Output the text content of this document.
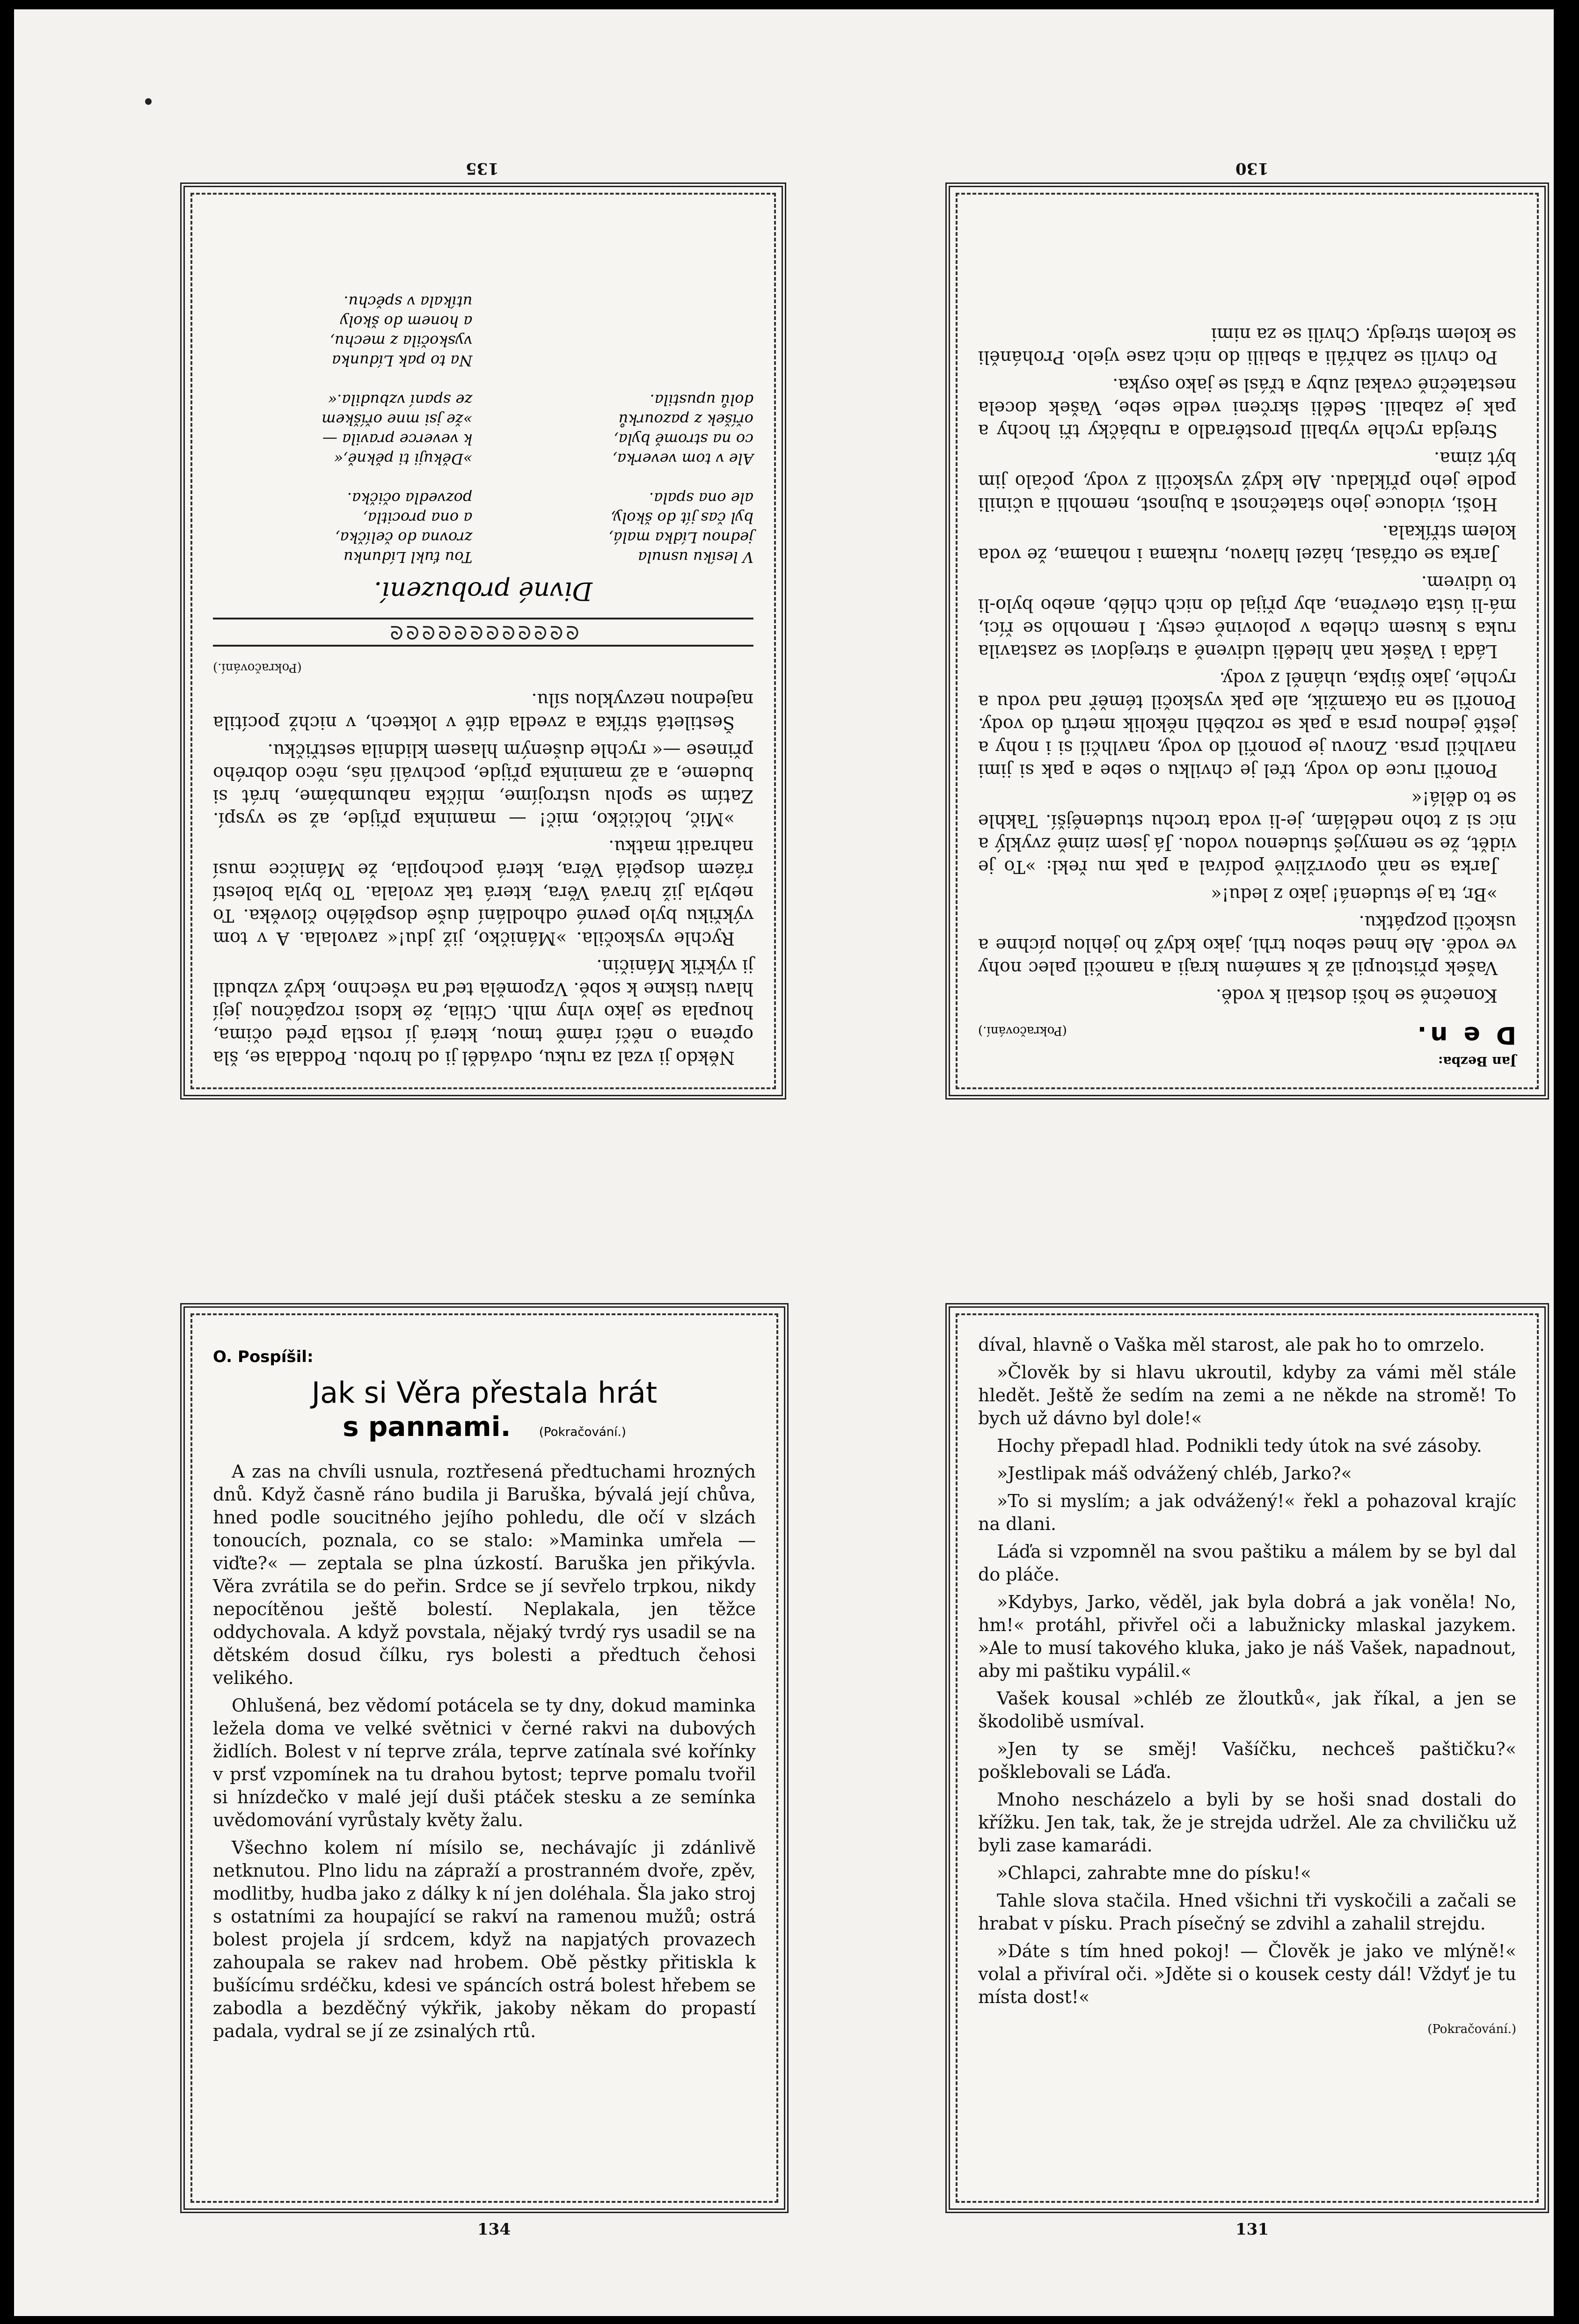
135	130
134	131

Někdo ji vzal za ruku, odváděl ji od hrobu. Poddala se, šla opřena o něčí rámě tmou, která jí rostla před očima, houpala se jako vlny mlh. Cítila, že kdosi rozpáčnou její hlavu tiskne k sobě. Vzpoměla teď na všechno, když vzbudil ji výkřik Máničin.

Rychle vyskočila. »Máničko, již jdu!« zavolala. A v tom výkřiku bylo pevné odhodlání duše dospělého člověka. To nebyla již hravá Věra, která tak zvolala. To byla bolestí rázem dospělá Věra, která pochopila, že Máničce musí nahradit matku.

»Mič, holčičko, mič! — maminka přijde, až se vyspí. Zatím se spolu ustrojíme, mlíčka nabumbáme, hrát si budeme, a až maminka přijde, pochválí nás, něco dobrého přinese —« rychle dušeným hlasem klidnila sestřičku.

Šestiletá stříka a zvedla dítě v loktech, v nichž pocítila najednou nezvyklou sílu.

(Pokračování.)
ᘓᘓᘓᘓᘓᘓᘓᘓᘓᘓᘓᘓ
Divné probuzení.
V lesíku usnula
jednou Lídka malá,
byl čas jít do školy,
ale ona spala.

Ale v tom veverka,
co na stromě byla,
oříšek z pazourků
dolů upustila.
Tou ťukl Lídunku
zrovna do čelíčka,
a ona procitla,
pozvedla očička.

»Děkuji ti pěkně,«
k veverce pravila —
»že jsi mne oříškem
ze spaní vzbudila.«

Na to pak Lídunka
vyskočila z mechu,
a honem do školy
utíkala v spěchu.
Jan Bezba:
D e n.
(Pokračování.)

Konečně se hoši dostali k vodě.

Vašek přistoupil až k samému kraji a namočil palec nohy ve vodě. Ale hned sebou trhl, jako když ho jehlou píchne a uskočil pozpátku.

»Br, ta je studená! jako z ledu!«

Jarka se naň opovržlivě podíval a pak mu řekl: »To je vidět, že se nemyješ studenou vodou. Já jsem zimě zvyklý a nic si z toho nedělám, je-li voda trochu studenější. Takhle se to dělá!«

Ponořil ruce do vody, třel je chvilku o sebe a pak si jimi navlhčil prsa. Znovu je ponořil do vody, navlhčil si i nohy a ještě jednou prsa a pak se rozběhl několik metrů do vody. Ponořil se na okamžik, ale pak vyskočil téměř nad vodu a rychle, jako šipka, uháněl z vody.

Láďa i Vašek naň hleděli udiveně a strejdovi se zastavila ruka s kusem chleba v polovině cesty. I nemohlo se říci, má-li ústa otevřena, aby přijal do nich chléb, anebo bylo-li to údivem.

Jarka se otřásal, házel hlavou, rukama i nohama, že voda kolem stříkala.

Hoši, vidouce jeho statečnost a bujnost, nemohli a učinili podle jeho příkladu. Ale když vyskočili z vody, počalo jim být zima.

Strejda rychle vybalil prostěradlo a rubáčky tři hochy a pak je zabalil. Seděli skrčeni vedle sebe, Vašek docela nestatečně cvakal zuby a třásl se jako osyka.

Po chvíli se zahřáli a sbalili do nich zase vjelo. Proháněli se kolem strejdy. Chvíli se za nimi

O. Pospíšil:
Jak si Věra přestala hrát
s pannami. (Pokračování.)

A zas na chvíli usnula, roztřesená předtuchami hrozných dnů. Když časně ráno budila ji Baruška, bývalá její chůva, hned podle soucitného jejího pohledu, dle očí v slzách tonoucích, poznala, co se stalo: »Maminka umřela — viďte?« — zeptala se plna úzkostí. Baruška jen přikývla. Věra zvrátila se do peřin. Srdce se jí sevřelo trpkou, nikdy nepocítěnou ještě bolestí. Neplakala, jen těžce oddychovala. A když povstala, nějaký tvrdý rys usadil se na dětském dosud čílku, rys bolesti a předtuch čehosi velikého.

Ohlušená, bez vědomí potácela se ty dny, dokud maminka ležela doma ve velké světnici v černé rakvi na dubových židlích. Bolest v ní teprve zrála, teprve zatínala své kořínky v prsť vzpomínek na tu drahou bytost; teprve pomalu tvořil si hnízdečko v malé její duši ptáček stesku a ze semínka uvědomování vyrůstaly květy žalu.

Všechno kolem ní mísilo se, nechávajíc ji zdánlivě netknutou. Plno lidu na zápraží a prostranném dvoře, zpěv, modlitby, hudba jako z dálky k ní jen doléhala. Šla jako stroj s ostatními za houpající se rakví na ramenou mužů; ostrá bolest projela jí srdcem, když na napjatých provazech zahoupala se rakev nad hrobem. Obě pěstky přitiskla k bušícímu srdéčku, kdesi ve spáncích ostrá bolest hřebem se zabodla a bezděčný výkřik, jakoby někam do propastí padala, vydral se jí ze zsinalých rtů.

díval, hlavně o Vaška měl starost, ale pak ho to omrzelo.

»Člověk by si hlavu ukroutil, kdyby za vámi měl stále hledět. Ještě že sedím na zemi a ne někde na stromě! To bych už dávno byl dole!«

Hochy přepadl hlad. Podnikli tedy útok na své zásoby.

»Jestlipak máš odvážený chléb, Jarko?«

»To si myslím; a jak odvážený!« řekl a pohazoval krajíc na dlani.

Láďa si vzpomněl na svou paštiku a málem by se byl dal do pláče.

»Kdybys, Jarko, věděl, jak byla dobrá a jak voněla! No, hm!« protáhl, přivřel oči a labužnicky mlaskal jazykem. »Ale to musí takového kluka, jako je náš Vašek, napadnout, aby mi paštiku vypálil.«

Vašek kousal »chléb ze žloutků«, jak říkal, a jen se škodolibě usmíval.

»Jen ty se směj! Vašíčku, nechceš paštičku?« pošklebovali se Láďa.

Mnoho nescházelo a byli by se hoši snad dostali do křížku. Jen tak, tak, že je strejda udržel. Ale za chviličku už byli zase kamarádi.

»Chlapci, zahrabte mne do písku!«

Tahle slova stačila. Hned všichni tři vyskočili a začali se hrabat v písku. Prach písečný se zdvihl a zahalil strejdu.

»Dáte s tím hned pokoj! — Člověk je jako ve mlýně!« volal a přivíral oči. »Jděte si o kousek cesty dál! Vždyť je tu místa dost!«

(Pokračování.)
